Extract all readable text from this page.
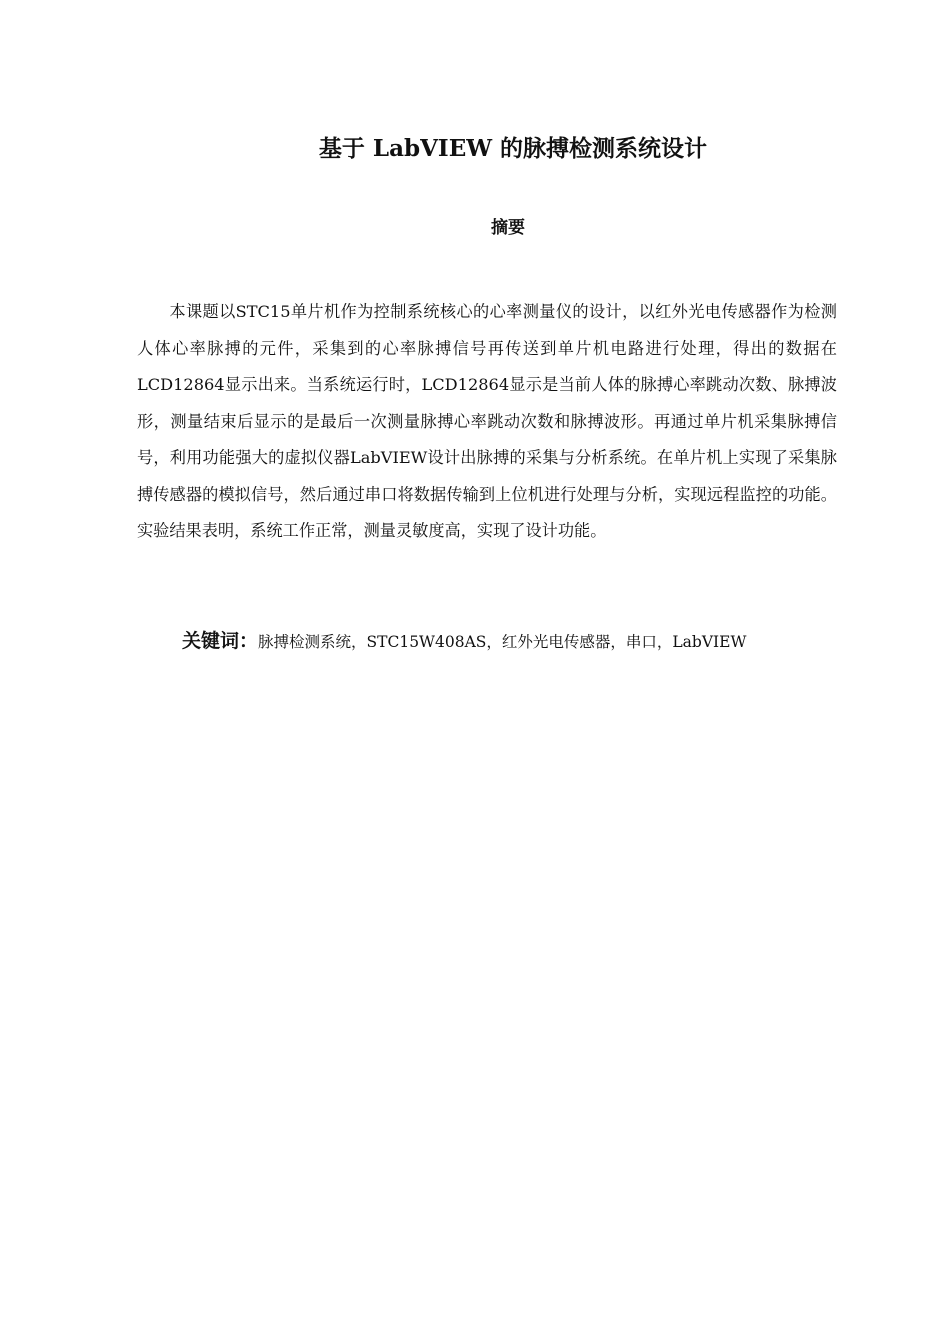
基于 LabVIEW 的脉搏检测系统设计
摘要

本课题以STC15单片机作为控制系统核心的心率测量仪的设计，以红外光电传感器作为检测人体心率脉搏的元件，采集到的心率脉搏信号再传送到单片机电路进行处理，得出的数据在LCD12864显示出来。当系统运行时，LCD12864显示是当前人体的脉搏心率跳动次数、脉搏波形，测量结束后显示的是最后一次测量脉搏心率跳动次数和脉搏波形。再通过单片机采集脉搏信号，利用功能强大的虚拟仪器LabVIEW设计出脉搏的采集与分析系统。在单片机上实现了采集脉搏传感器的模拟信号，然后通过串口将数据传输到上位机进行处理与分析，实现远程监控的功能。实验结果表明，系统工作正常，测量灵敏度高，实现了设计功能。

关键词：脉搏检测系统，STC15W408AS，红外光电传感器，串口，LabVIEW
